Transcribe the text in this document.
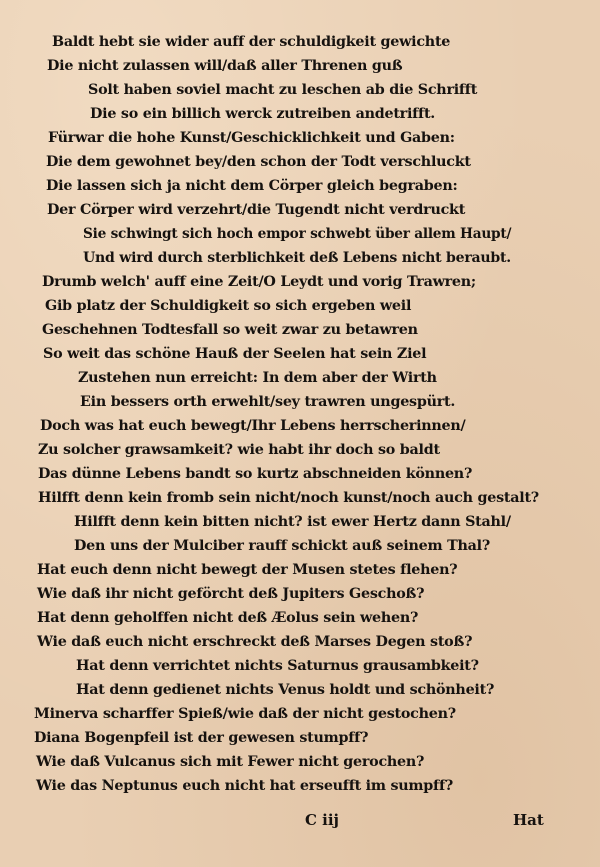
Baldt hebt sie wider auff der schuldigkeit gewichte
Die nicht zulassen will/daß aller Threnen guß
Solt haben soviel macht zu leschen ab die Schrifft
Die so ein billich werck zutreiben andetrifft.
Fürwar die hohe Kunst/Geschicklichkeit und Gaben:
Die dem gewohnet bey/den schon der Todt verschluckt
Die lassen sich ja nicht dem Cörper gleich begraben:
Der Cörper wird verzehrt/die Tugendt nicht verdruckt
Sie schwingt sich hoch empor schwebt über allem Haupt/
Und wird durch sterblichkeit deß Lebens nicht beraubt.
Drumb welch' auff eine Zeit/O Leydt und vorig Trawren;
Gib platz der Schuldigkeit so sich ergeben weil
Geschehnen Todtesfall so weit zwar zu betawren
So weit das schöne Hauß der Seelen hat sein Ziel
Zustehen nun erreicht: In dem aber der Wirth
Ein bessers orth erwehlt/sey trawren ungespürt.
Doch was hat euch bewegt/Ihr Lebens herrscherinnen/
Zu solcher grawsamkeit? wie habt ihr doch so baldt
Das dünne Lebens bandt so kurtz abschneiden können?
Hilfft denn kein fromb sein nicht/noch kunst/noch auch gestalt?
Hilfft denn kein bitten nicht? ist ewer Hertz dann Stahl/
Den uns der Mulciber rauff schickt auß seinem Thal?
Hat euch denn nicht bewegt der Musen stetes flehen?
Wie daß ihr nicht geförcht deß Jupiters Geschoß?
Hat denn geholffen nicht deß Æolus sein wehen?
Wie daß euch nicht erschreckt deß Marses Degen stoß?
Hat denn verrichtet nichts Saturnus grausambkeit?
Hat denn gedienet nichts Venus holdt und schönheit?
Minerva scharffer Spieß/wie daß der nicht gestochen?
Diana Bogenpfeil ist der gewesen stumpff?
Wie daß Vulcanus sich mit Fewer nicht gerochen?
Wie das Neptunus euch nicht hat erseufft im sumpff?
C iij	Hat
